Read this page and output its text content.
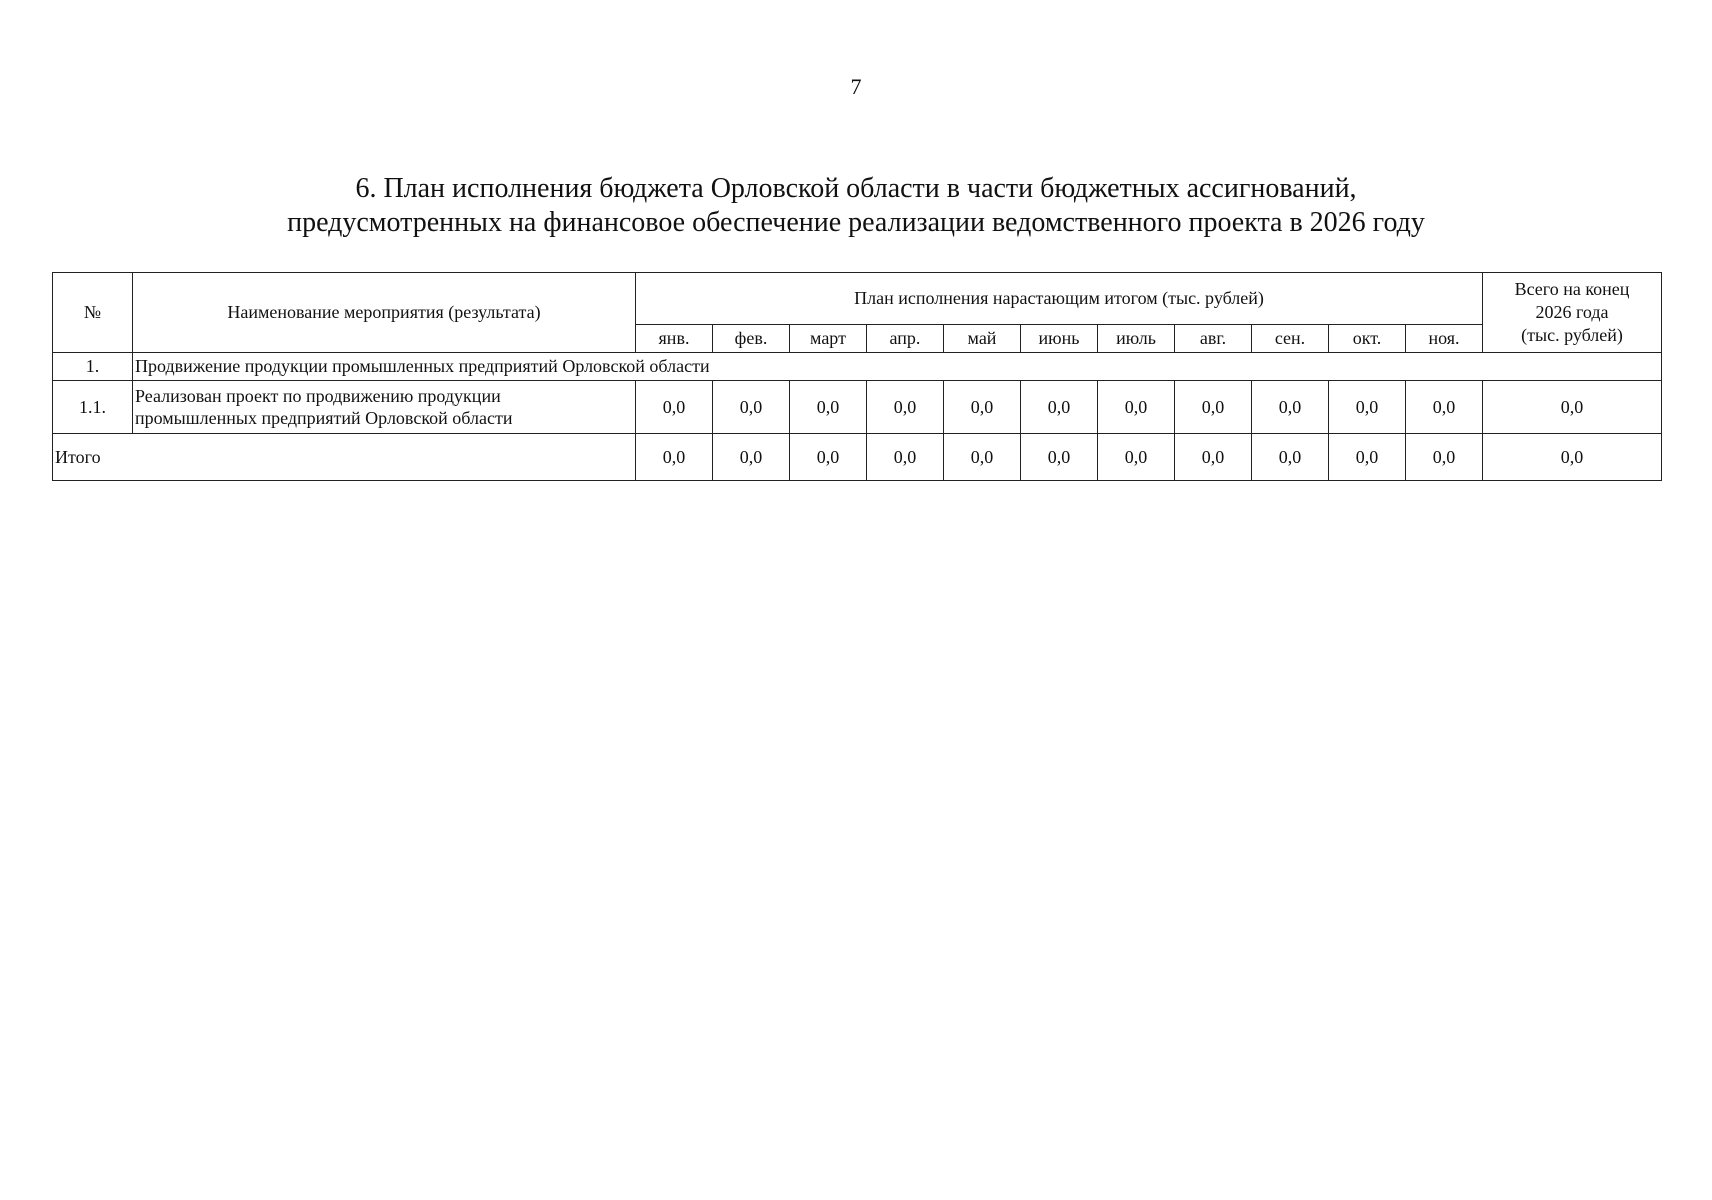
7
6. План исполнения бюджета Орловской области в части бюджетных ассигнований,
предусмотренных на финансовое обеспечение реализации ведомственного проекта в 2026 году
№	Наименование мероприятия (результата)	План исполнения нарастающим итогом (тыс. рублей)											Всего на конец
2026 года
(тыс. рублей)

		янв.	фев.	март	апр.	май	июнь	июль	авг.	сен.	окт.	ноя.	
1.	Продвижение продукции промышленных предприятий Орловской области												
1.1.	Реализован проект по продвижению продукции
промышленных предприятий Орловской области	0,0	0,0	0,0	0,0	0,0	0,0	0,0	0,0	0,0	0,0	0,0	0,0
Итого		0,0	0,0	0,0	0,0	0,0	0,0	0,0	0,0	0,0	0,0	0,0	0,0
